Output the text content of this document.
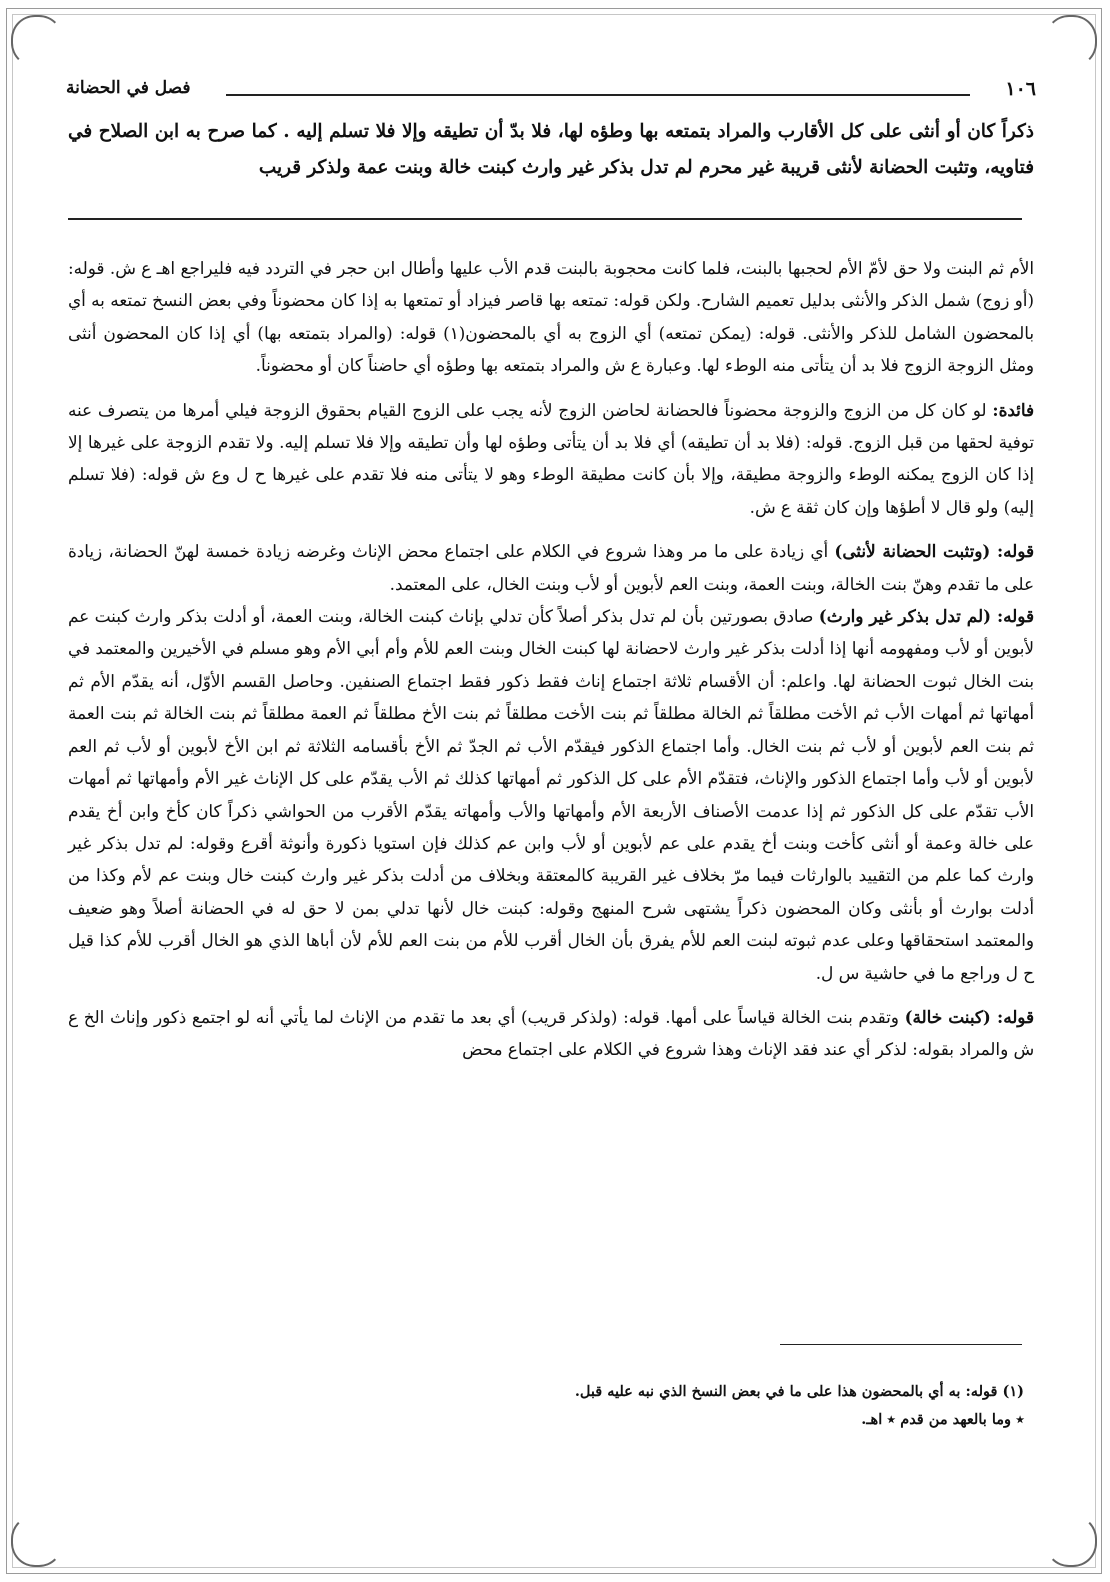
١٠٦
فصل في الحضانة

ذكراً كان أو أنثى على كل الأقارب والمراد بتمتعه بها وطؤه لها، فلا بدّ أن تطيقه وإلا فلا تسلم إليه . كما صرح به ابن الصلاح في فتاويه، وتثبت الحضانة لأنثى قريبة غير محرم لم تدل بذكر غير وارث كبنت خالة وبنت عمة ولذكر قريب

الأم ثم البنت ولا حق لأمّ الأم لحجبها بالبنت، فلما كانت محجوبة بالبنت قدم الأب عليها وأطال ابن حجر في التردد فيه فليراجع اهـ ع ش. قوله: (أو زوج) شمل الذكر والأنثى بدليل تعميم الشارح. ولكن قوله: تمتعه بها قاصر فيزاد أو تمتعها به إذا كان محضوناً وفي بعض النسخ تمتعه به أي بالمحضون الشامل للذكر والأنثى. قوله: (يمكن تمتعه) أي الزوج به أي بالمحضون(١) قوله: (والمراد بتمتعه بها) أي إذا كان المحضون أنثى ومثل الزوجة الزوج فلا بد أن يتأتى منه الوطء لها. وعبارة ع ش والمراد بتمتعه بها وطؤه أي حاضناً كان أو محضوناً.

فائدة: لو كان كل من الزوج والزوجة محضوناً فالحضانة لحاضن الزوج لأنه يجب على الزوج القيام بحقوق الزوجة فيلي أمرها من يتصرف عنه توفية لحقها من قبل الزوج. قوله: (فلا بد أن تطيقه) أي فلا بد أن يتأتى وطؤه لها وأن تطيقه وإلا فلا تسلم إليه. ولا تقدم الزوجة على غيرها إلا إذا كان الزوج يمكنه الوطء والزوجة مطيقة، وإلا بأن كانت مطيقة الوطء وهو لا يتأتى منه فلا تقدم على غيرها ح ل وع ش قوله: (فلا تسلم إليه) ولو قال لا أطؤها وإن كان ثقة ع ش.

قوله: (وتثبت الحضانة لأنثى) أي زيادة على ما مر وهذا شروع في الكلام على اجتماع محض الإناث وغرضه زيادة خمسة لهنّ الحضانة، زيادة على ما تقدم وهنّ بنت الخالة، وبنت العمة، وبنت العم لأبوين أو لأب وبنت الخال، على المعتمد.

قوله: (لم تدل بذكر غير وارث) صادق بصورتين بأن لم تدل بذكر أصلاً كأن تدلي بإناث كبنت الخالة، وبنت العمة، أو أدلت بذكر وارث كبنت عم لأبوين أو لأب ومفهومه أنها إذا أدلت بذكر غير وارث لاحضانة لها كبنت الخال وبنت العم للأم وأم أبي الأم وهو مسلم في الأخيرين والمعتمد في بنت الخال ثبوت الحضانة لها. واعلم: أن الأقسام ثلاثة اجتماع إناث فقط ذكور فقط اجتماع الصنفين. وحاصل القسم الأوّل، أنه يقدّم الأم ثم أمهاتها ثم أمهات الأب ثم الأخت مطلقاً ثم الخالة مطلقاً ثم بنت الأخت مطلقاً ثم بنت الأخ مطلقاً ثم العمة مطلقاً ثم بنت الخالة ثم بنت العمة ثم بنت العم لأبوين أو لأب ثم بنت الخال. وأما اجتماع الذكور فيقدّم الأب ثم الجدّ ثم الأخ بأقسامه الثلاثة ثم ابن الأخ لأبوين أو لأب ثم العم لأبوين أو لأب وأما اجتماع الذكور والإناث، فتقدّم الأم على كل الذكور ثم أمهاتها كذلك ثم الأب يقدّم على كل الإناث غير الأم وأمهاتها ثم أمهات الأب تقدّم على كل الذكور ثم إذا عدمت الأصناف الأربعة الأم وأمهاتها والأب وأمهاته يقدّم الأقرب من الحواشي ذكراً كان كأخ وابن أخ يقدم على خالة وعمة أو أنثى كأخت وبنت أخ يقدم على عم لأبوين أو لأب وابن عم كذلك فإن استويا ذكورة وأنوثة أقرع وقوله: لم تدل بذكر غير وارث كما علم من التقييد بالوارثات فيما مرّ بخلاف غير القريبة كالمعتقة وبخلاف من أدلت بذكر غير وارث كبنت خال وبنت عم لأم وكذا من أدلت بوارث أو بأنثى وكان المحضون ذكراً يشتهى شرح المنهج وقوله: كبنت خال لأنها تدلي بمن لا حق له في الحضانة أصلاً وهو ضعيف والمعتمد استحقاقها وعلى عدم ثبوته لبنت العم للأم يفرق بأن الخال أقرب للأم من بنت العم للأم لأن أباها الذي هو الخال أقرب للأم كذا قيل ح ل وراجع ما في حاشية س ل.

قوله: (كبنت خالة) وتقدم بنت الخالة قياساً على أمها. قوله: (ولذكر قريب) أي بعد ما تقدم من الإناث لما يأتي أنه لو اجتمع ذكور وإناث الخ ع ش والمراد بقوله: لذكر أي عند فقد الإناث وهذا شروع في الكلام على اجتماع محض

(١) قوله: به أي بالمحضون هذا على ما في بعض النسخ الذي نبه عليه قبل.

٭ وما بالعهد من قدم ٭ اهـ.
